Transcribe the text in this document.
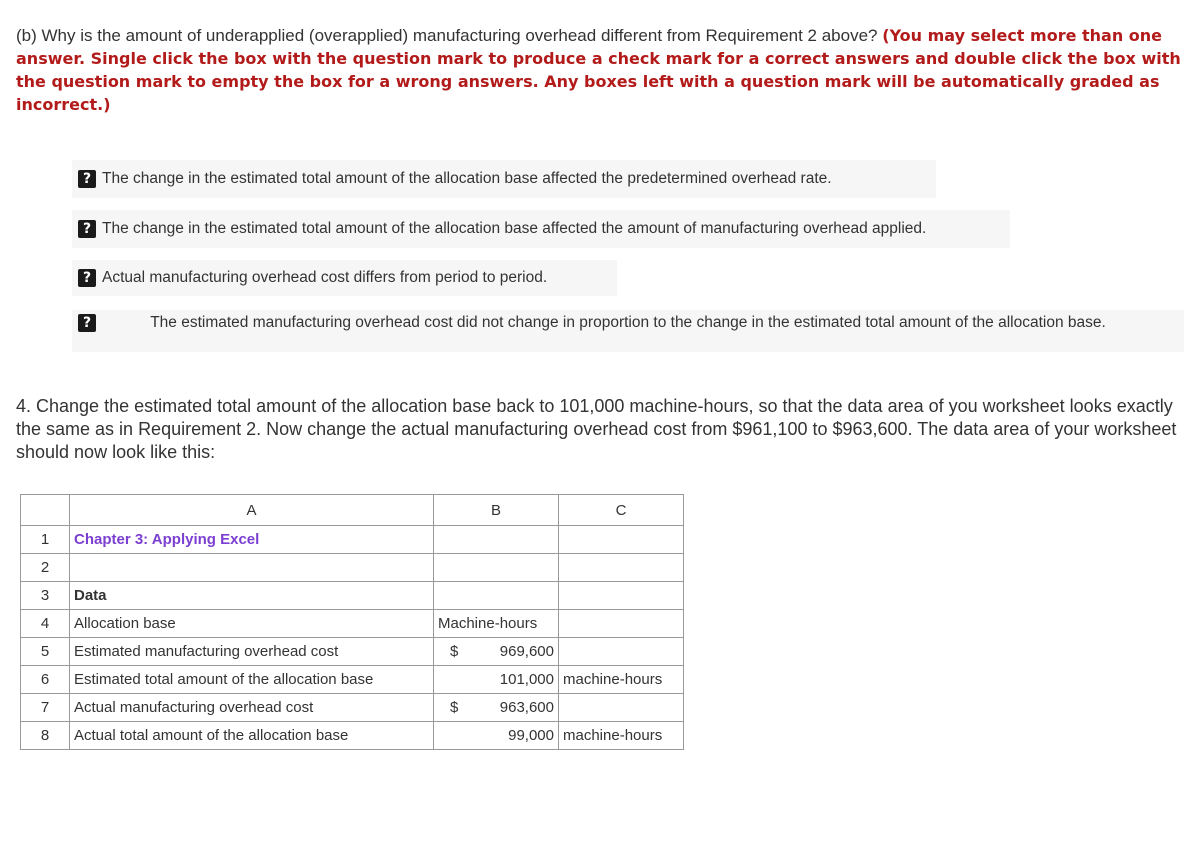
(b) Why is the amount of underapplied (overapplied) manufacturing overhead different from Requirement 2 above? (You may select more than one answer. Single click the box with the question mark to produce a check mark for a correct answers and double click the box with the question mark to empty the box for a wrong answers. Any boxes left with a question mark will be automatically graded as incorrect.)
? The change in the estimated total amount of the allocation base affected the predetermined overhead rate.
? The change in the estimated total amount of the allocation base affected the amount of manufacturing overhead applied.
? Actual manufacturing overhead cost differs from period to period.
?	The estimated manufacturing overhead cost did not change in proportion to the change in the estimated total amount of the allocation base.
4. Change the estimated total amount of the allocation base back to 101,000 machine-hours, so that the data area of you worksheet looks exactly the same as in Requirement 2. Now change the actual manufacturing overhead cost from $961,100 to $963,600. The data area of your worksheet should now look like this:
	A	B	C
1	Chapter 3: Applying Excel		
2			
3	Data		
4	Allocation base	Machine-hours	
5	Estimated manufacturing overhead cost	$ 969,600	

6	Estimated total amount of the allocation base	101,000	machine-hours
7	Actual manufacturing overhead cost	$ 963,600	

8	Actual total amount of the allocation base	99,000	machine-hours
